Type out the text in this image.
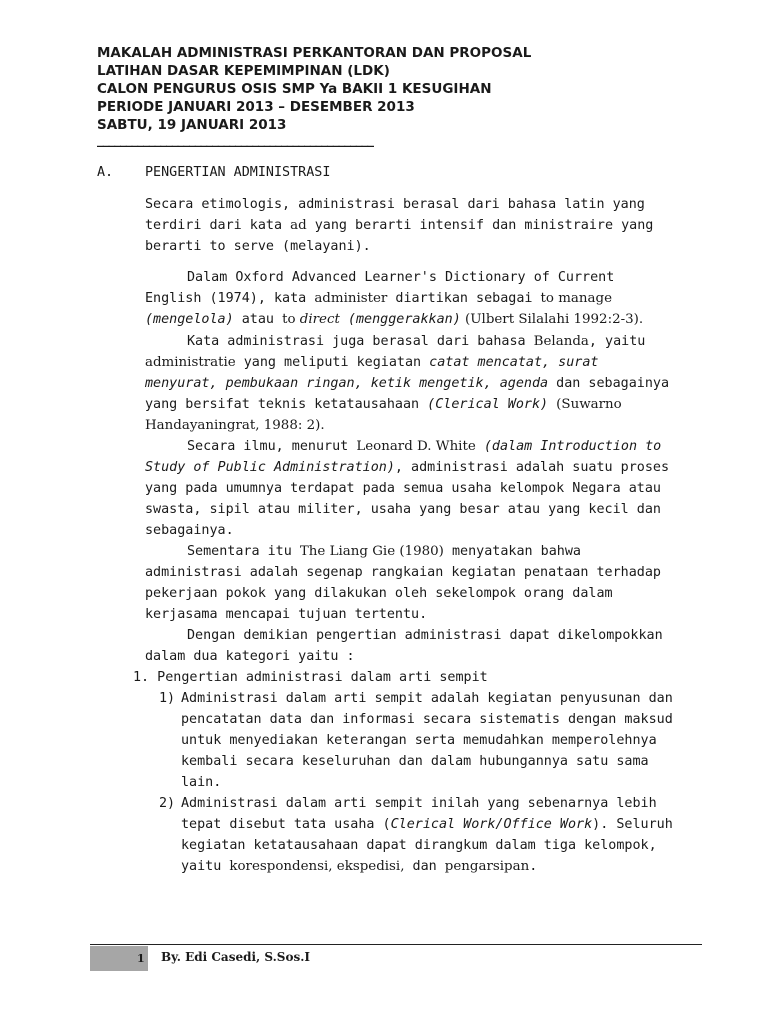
MAKALAH ADMINISTRASI PERKANTORAN DAN PROPOSAL
LATIHAN DASAR KEPEMIMPINAN (LDK)
CALON PENGURUS OSIS SMP Ya BAKII 1 KESUGIHAN
PERIODE JANUARI 2013 – DESEMBER 2013
SABTU, 19 JANUARI 2013
________________________________________________
A. PENGERTIAN ADMINISTRASI
Secara etimologis, administrasi berasal dari bahasa latin yang
terdiri dari kata ad yang berarti intensif dan ministraire yang
berarti to serve (melayani).
Dalam Oxford Advanced Learner's Dictionary of Current
English (1974), kata administer diartikan sebagai to manage
(mengelola) atau to direct (menggerakkan) (Ulbert Silalahi 1992:2-3).
Kata administrasi juga berasal dari bahasa Belanda, yaitu
administratie yang meliputi kegiatan catat mencatat, surat
menyurat, pembukaan ringan, ketik mengetik, agenda dan sebagainya
yang bersifat teknis ketatausahaan (Clerical Work) (Suwarno
Handayaningrat, 1988: 2).
Secara ilmu, menurut Leonard D. White (dalam Introduction to
Study of Public Administration), administrasi adalah suatu proses
yang pada umumnya terdapat pada semua usaha kelompok Negara atau
swasta, sipil atau militer, usaha yang besar atau yang kecil dan
sebagainya.
Sementara itu The Liang Gie (1980) menyatakan bahwa
administrasi adalah segenap rangkaian kegiatan penataan terhadap
pekerjaan pokok yang dilakukan oleh sekelompok orang dalam
kerjasama mencapai tujuan tertentu.
Dengan demikian pengertian administrasi dapat dikelompokkan
dalam dua kategori yaitu :
1. Pengertian administrasi dalam arti sempit
1) Administrasi dalam arti sempit adalah kegiatan penyusunan dan
pencatatan data dan informasi secara sistematis dengan maksud
untuk menyediakan keterangan serta memudahkan memperolehnya
kembali secara keseluruhan dan dalam hubungannya satu sama
lain.
2) Administrasi dalam arti sempit inilah yang sebenarnya lebih
tepat disebut tata usaha (Clerical Work/Office Work). Seluruh
kegiatan ketatausahaan dapat dirangkum dalam tiga kelompok,
yaitu korespondensi, ekspedisi, dan pengarsipan.
1 By. Edi Casedi, S.Sos.I
